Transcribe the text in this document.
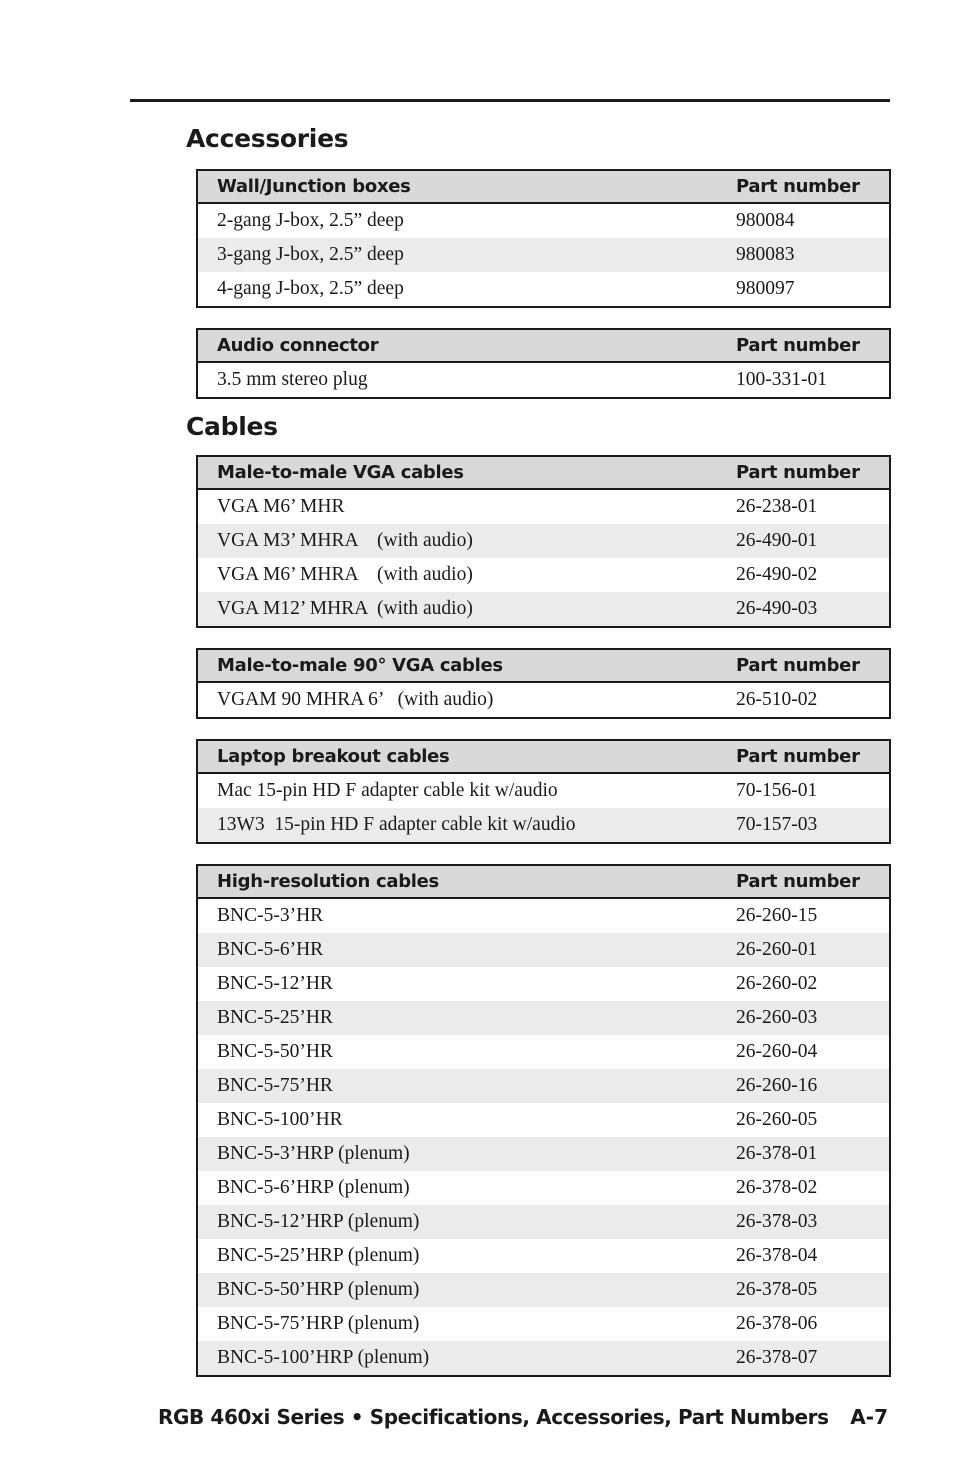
Accessories
Wall/Junction boxes	Part number
2-gang J-box, 2.5” deep	980084
3-gang J-box, 2.5” deep	980083
4-gang J-box, 2.5” deep	980097
Audio connector	Part number
3.5 mm stereo plug	100-331-01
Cables
Male-to-male VGA cables	Part number
VGA M6’ MHR	26-238-01
VGA M3’ MHRA    (with audio)	26-490-01
VGA M6’ MHRA    (with audio)	26-490-02
VGA M12’ MHRA  (with audio)	26-490-03
Male-to-male 90° VGA cables	Part number
VGAM 90 MHRA 6’   (with audio)	26-510-02
Laptop breakout cables	Part number
Mac 15-pin HD F adapter cable kit w/audio	70-156-01
13W3  15-pin HD F adapter cable kit w/audio	70-157-03
High-resolution cables	Part number
BNC-5-3’HR	26-260-15
BNC-5-6’HR	26-260-01
BNC-5-12’HR	26-260-02
BNC-5-25’HR	26-260-03
BNC-5-50’HR	26-260-04
BNC-5-75’HR	26-260-16
BNC-5-100’HR	26-260-05
BNC-5-3’HRP (plenum)	26-378-01
BNC-5-6’HRP (plenum)	26-378-02
BNC-5-12’HRP (plenum)	26-378-03
BNC-5-25’HRP (plenum)	26-378-04
BNC-5-50’HRP (plenum)	26-378-05
BNC-5-75’HRP (plenum)	26-378-06
BNC-5-100’HRP (plenum)	26-378-07
RGB 460xi Series • Specifications, Accessories, Part Numbers A-7
